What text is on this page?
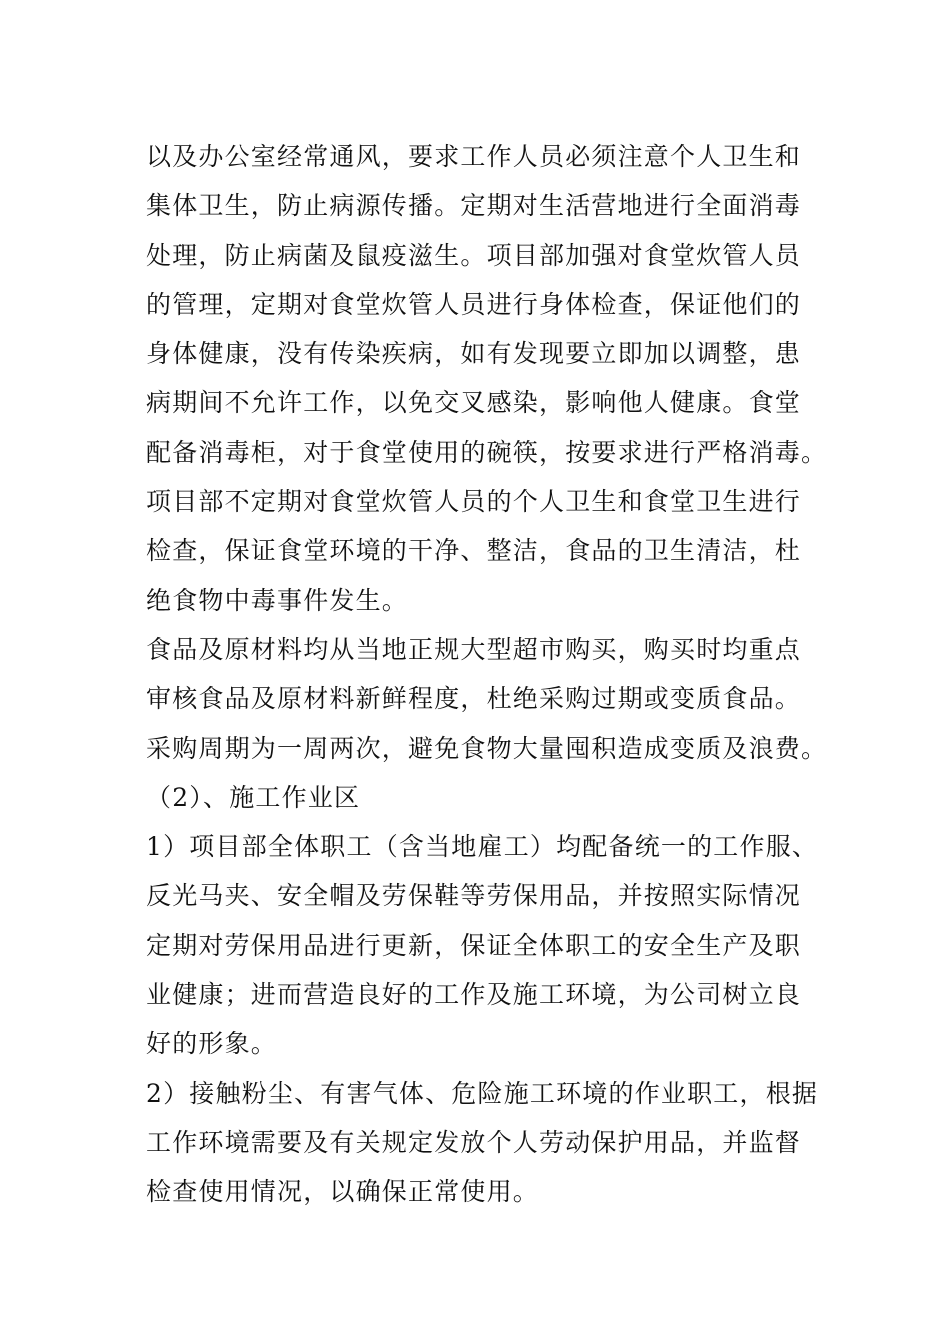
以及办公室经常通风，要求工作人员必须注意个人卫生和
集体卫生，防止病源传播。定期对生活营地进行全面消毒
处理，防止病菌及鼠疫滋生。项目部加强对食堂炊管人员
的管理，定期对食堂炊管人员进行身体检查，保证他们的
身体健康，没有传染疾病，如有发现要立即加以调整，患
病期间不允许工作，以免交叉感染，影响他人健康。食堂
配备消毒柜，对于食堂使用的碗筷，按要求进行严格消毒。
项目部不定期对食堂炊管人员的个人卫生和食堂卫生进行
检查，保证食堂环境的干净、整洁，食品的卫生清洁，杜
绝食物中毒事件发生。
食品及原材料均从当地正规大型超市购买，购买时均重点
审核食品及原材料新鲜程度，杜绝采购过期或变质食品。
采购周期为一周两次，避免食物大量囤积造成变质及浪费。
（2）、施工作业区
1）项目部全体职工（含当地雇工）均配备统一的工作服、
反光马夹、安全帽及劳保鞋等劳保用品，并按照实际情况
定期对劳保用品进行更新，保证全体职工的安全生产及职
业健康；进而营造良好的工作及施工环境，为公司树立良
好的形象。
2）接触粉尘、有害气体、危险施工环境的作业职工，根据
工作环境需要及有关规定发放个人劳动保护用品，并监督
检查使用情况，以确保正常使用。
